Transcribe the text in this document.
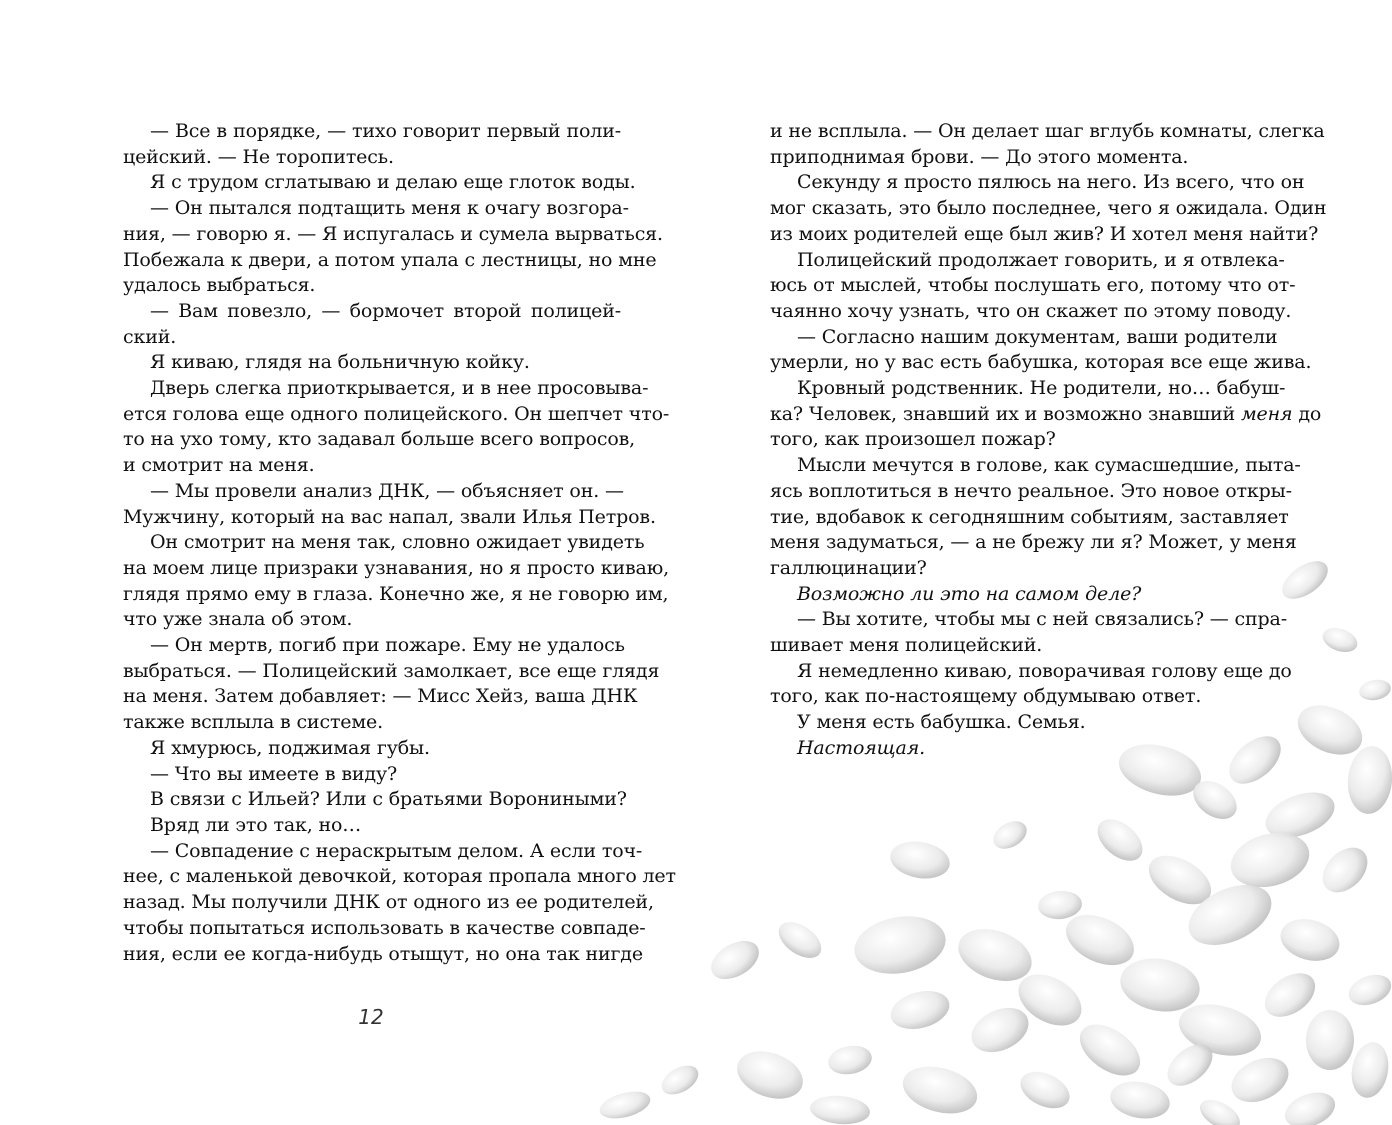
— Все в порядке, — тихо говорит первый поли-
цейский. — Не торопитесь.
Я с трудом сглатываю и делаю еще глоток воды.
— Он пытался подтащить меня к очагу возгора-
ния, — говорю я. — Я испугалась и сумела вырваться.
Побежала к двери, а потом упала с лестницы, но мне
удалось выбраться.
— Вам повезло, — бормочет второй полицей-
ский.
Я киваю, глядя на больничную койку.
Дверь слегка приоткрывается, и в нее просовыва-
ется голова еще одного полицейского. Он шепчет что-
то на ухо тому, кто задавал больше всего вопросов,
и смотрит на меня.
— Мы провели анализ ДНК, — объясняет он. —
Мужчину, который на вас напал, звали Илья Петров.
Он смотрит на меня так, словно ожидает увидеть
на моем лице призраки узнавания, но я просто киваю,
глядя прямо ему в глаза. Конечно же, я не говорю им,
что уже знала об этом.
— Он мертв, погиб при пожаре. Ему не удалось
выбраться. — Полицейский замолкает, все еще глядя
на меня. Затем добавляет: — Мисс Хейз, ваша ДНК
также всплыла в системе.
Я хмурюсь, поджимая губы.
— Что вы имеете в виду?
В связи с Ильей? Или с братьями Ворониными?
Вряд ли это так, но…
— Совпадение с нераскрытым делом. А если точ-
нее, с маленькой девочкой, которая пропала много лет
назад. Мы получили ДНК от одного из ее родителей,
чтобы попытаться использовать в качестве совпаде-
ния, если ее когда-нибудь отыщут, но она так нигде
и не всплыла. — Он делает шаг вглубь комнаты, слегка
приподнимая брови. — До этого момента.
Секунду я просто пялюсь на него. Из всего, что он
мог сказать, это было последнее, чего я ожидала. Один
из моих родителей еще был жив? И хотел меня найти?
Полицейский продолжает говорить, и я отвлека-
юсь от мыслей, чтобы послушать его, потому что от-
чаянно хочу узнать, что он скажет по этому поводу.
— Согласно нашим документам, ваши родители
умерли, но у вас есть бабушка, которая все еще жива.
Кровный родственник. Не родители, но… бабуш-
ка? Человек, знавший их и возможно знавший меня до
того, как произошел пожар?
Мысли мечутся в голове, как сумасшедшие, пыта-
ясь воплотиться в нечто реальное. Это новое откры-
тие, вдобавок к сегодняшним событиям, заставляет
меня задуматься, — а не брежу ли я? Может, у меня
галлюцинации?
Возможно ли это на самом деле?
— Вы хотите, чтобы мы с ней связались? — спра-
шивает меня полицейский.
Я немедленно киваю, поворачивая голову еще до
того, как по-настоящему обдумываю ответ.
У меня есть бабушка. Семья.
Настоящая.
12
